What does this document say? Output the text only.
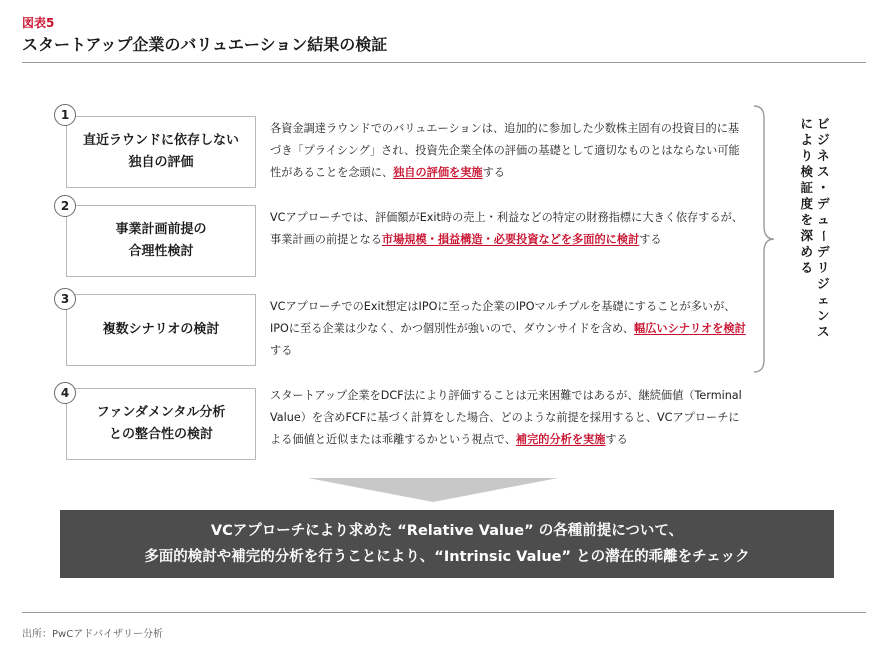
図表5
スタートアップ企業のバリュエーション結果の検証
直近ラウンドに依存しない
独自の評価
1
各資金調達ラウンドでのバリュエーションは、追加的に参加した少数株主固有の投資目的に基づき「プライシング」され、投資先企業全体の評価の基礎として適切なものとはならない可能性があることを念頭に、独自の評価を実施する
事業計画前提の
合理性検討
2
VCアプローチでは、評価額がExit時の売上・利益などの特定の財務指標に大きく依存するが、事業計画の前提となる市場規模・損益構造・必要投資などを多面的に検討する
複数シナリオの検討
3
VCアプローチでのExit想定はIPOに至った企業のIPOマルチプルを基礎にすることが多いが、IPOに至る企業は少なく、かつ個別性が強いので、ダウンサイドを含め、幅広いシナリオを検討する
ファンダメンタル分析
との整合性の検討
4	スタートアップ企業をDCF法により評価することは元来困難ではあるが、継続価値（Terminal Value）を含めFCFに基づく計算をした場合、どのような前提を採用すると、VCアプローチによる価値と近似または乖離するかという視点で、補完的分析を実施する
ビ
ジ
ネ
ス
・
デ
ュ
ー
デ
リ
ジ
ェ
ン
ス
に
よ
り
検
証
度
を
深
め
る
VCアプローチにより求めた “Relative Value” の各種前提について、
多面的検討や補完的分析を行うことにより、“Intrinsic Value” との潜在的乖離をチェック
出所：PwCアドバイザリー分析
